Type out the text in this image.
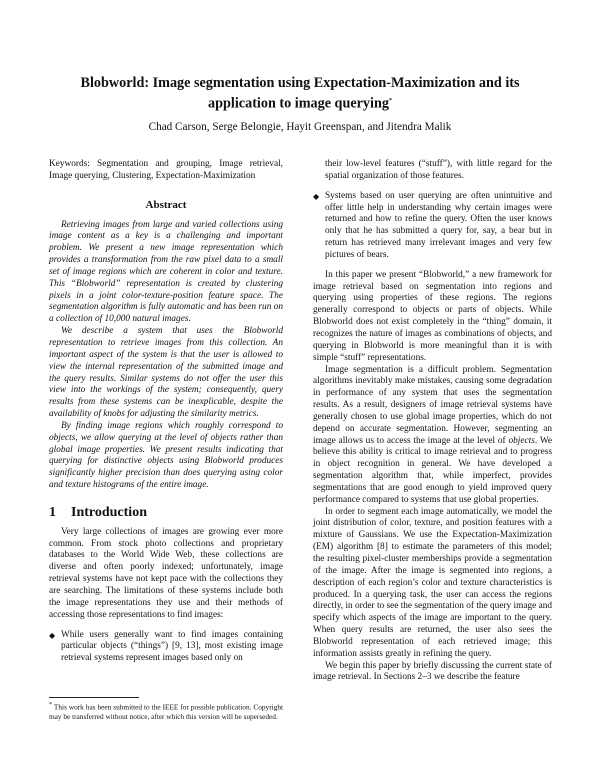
Blobworld: Image segmentation using Expectation-Maximization and its
application to image querying*
Chad Carson, Serge Belongie, Hayit Greenspan, and Jitendra Malik

Keywords: Segmentation and grouping, Image retrieval, Image querying, Clustering, Expectation-Maximization

Abstract

Retrieving images from large and varied collections using image content as a key is a challenging and important problem. We present a new image representation which provides a transformation from the raw pixel data to a small set of image regions which are coherent in color and texture. This “Blobworld” representation is created by clustering pixels in a joint color-texture-position feature space. The segmentation algorithm is fully automatic and has been run on a collection of 10,000 natural images.

We describe a system that uses the Blobworld representation to retrieve images from this collection. An important aspect of the system is that the user is allowed to view the internal representation of the submitted image and the query results. Similar systems do not offer the user this view into the workings of the system; consequently, query results from these systems can be inexplicable, despite the availability of knobs for adjusting the similarity metrics.

By finding image regions which roughly correspond to objects, we allow querying at the level of objects rather than global image properties. We present results indicating that querying for distinctive objects using Blobworld produces significantly higher precision than does querying using color and texture histograms of the entire image.

1 Introduction

Very large collections of images are growing ever more common. From stock photo collections and proprietary databases to the World Wide Web, these collections are diverse and often poorly indexed; unfortunately, image retrieval systems have not kept pace with the collections they are searching. The limitations of these systems include both the image representations they use and their methods of accessing those representations to find images:

◆ While users generally want to find images containing particular objects (“things”) [9, 13], most existing image retrieval systems represent images based only on
* This work has been submitted to the IEEE for possible publication. Copyright may be transferred without notice, after which this version will be superseded.
their low-level features (“stuff”), with little regard for the spatial organization of those features.
◆ Systems based on user querying are often unintuitive and offer little help in understanding why certain images were returned and how to refine the query. Often the user knows only that he has submitted a query for, say, a bear but in return has retrieved many irrelevant images and very few pictures of bears.

In this paper we present “Blobworld,” a new framework for image retrieval based on segmentation into regions and querying using properties of these regions. The regions generally correspond to objects or parts of objects. While Blobworld does not exist completely in the “thing” domain, it recognizes the nature of images as combinations of objects, and querying in Blobworld is more meaningful than it is with simple “stuff” representations.

Image segmentation is a difficult problem. Segmentation algorithms inevitably make mistakes, causing some degradation in performance of any system that uses the segmentation results. As a result, designers of image retrieval systems have generally chosen to use global image properties, which do not depend on accurate segmentation. However, segmenting an image allows us to access the image at the level of objects. We believe this ability is critical to image retrieval and to progress in object recognition in general. We have developed a segmentation algorithm that, while imperfect, provides segmentations that are good enough to yield improved query performance compared to systems that use global properties.

In order to segment each image automatically, we model the joint distribution of color, texture, and position features with a mixture of Gaussians. We use the Expectation-Maximization (EM) algorithm [8] to estimate the parameters of this model; the resulting pixel-cluster memberships provide a segmentation of the image. After the image is segmented into regions, a description of each region’s color and texture characteristics is produced. In a querying task, the user can access the regions directly, in order to see the segmentation of the query image and specify which aspects of the image are important to the query. When query results are returned, the user also sees the Blobworld representation of each retrieved image; this information assists greatly in refining the query.

We begin this paper by briefly discussing the current state of image retrieval. In Sections 2–3 we describe the feature
